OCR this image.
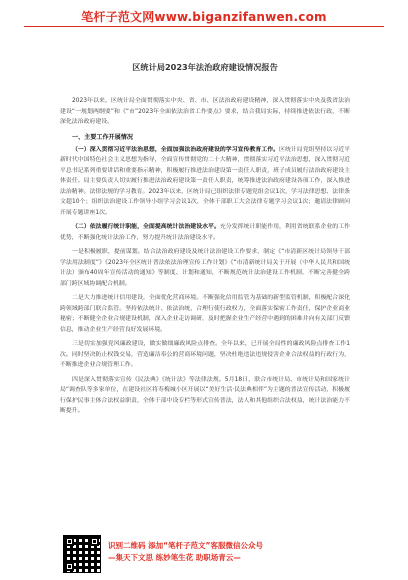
笔杆子范文网www.biganzifanwen.com

区统计局2023年法治政府建设情况报告

2023年以来，区统计局全面贯彻落实中央、省、市、区法治政府建设精神，深入贯彻落实中央及我省法治建设“一规划两纲要”和《“市”2023年全面依法治省工作要点》要求，结合我局实际，持续推进依法行政，不断深化法治政府建设。

一、主要工作开展情况

（一）深入贯彻习近平法治思想，全面加强法治政府建设的学习宣传教育工作。区统计局党组坚持以习近平新时代中国特色社会主义思想为指导，全面宣传贯彻党的二十大精神，贯彻落实习近平法治思想，深入贯彻习近平总书记系列重要讲话和重要指示精神，积极履行推进法治建设第一责任人职责，班子成员履行法治政府建设主体责任。局主要负责人切实履行推进法治政府建设第一责任人职责，统筹推进法治政府建设各项工作，深入推进法治精神。法律法规的学习教育。2023年以来，区统计局已组织法律专题党组会议1次，学习法律思想、法律条文超10个；组织法治建设工作领导小组学习会议1次，全体干部职工大会法律专题学习会议1次；邀请法律顾问开展专题讲座1次。

（二）依法履行统计职能，全面提高统计法治建设水平。充分发挥统计职能作用，利用省统联系企业的工作优势，不断强化统计法治工作，努力提升统计法治建设水平。

一是积极履职，提前谋划。结合法治政府建设及统计法治建设工作要求，制定《“市清新区统计局领导干部学法用法制度”》《2023年全区统计普法依法治理宣传工作计划》《“市清新统计局关于开展（中华人民共和国统计法）颁布40周年宣传活动的通知》等制度、计划和通知，不断规范统计法治建设工作机制，不断完善健全跨部门跨区域协调配合机制。

二是大力推进统计信用建设，全面优化营商环境。不断强化信用监管为基础的新型监管机制，积极配合深化跨领域跨部门联合监管。坚持依法统计、依法治统，合理行使行政权力，全面落实保密工作责任，保护企业商业秘密；不断健全企业合规建设机制，深入企业走访调研，及时把握企业生产经营中遇到的困难并向有关部门反馈信息，推动企业生产经营良好发展环境。

三是切实加强党风廉政建设，做实做细廉政风险点排查。全年以来，已开展全局性的廉政风险点排查工作1次。同时坚决防止权钱交易，营造廉洁奉公的营商环境问题，坚决杜绝违法违规侵害企业合法权益的行政行为，不断推进企业合规管理工作。

四是深入贯彻落实宣传《民法典》《统计法》等法律法规。5月18日，联合市统计局、市统计局和国家统计局“调查队等多家单位，在建设社区将寿梅城小区开展以“美好生活·民法典相伴”为主题的普法宣传活动，积极履行保护民事主体合法权益职责，全体干部中设专栏等形式宣传普法，法人和其他组织合法权益，统计法治能力不断提升。

识别二维码 添加“笔杆子范文”客服微信公众号
—集天下文思 练妙笔生花 助职场青云—
